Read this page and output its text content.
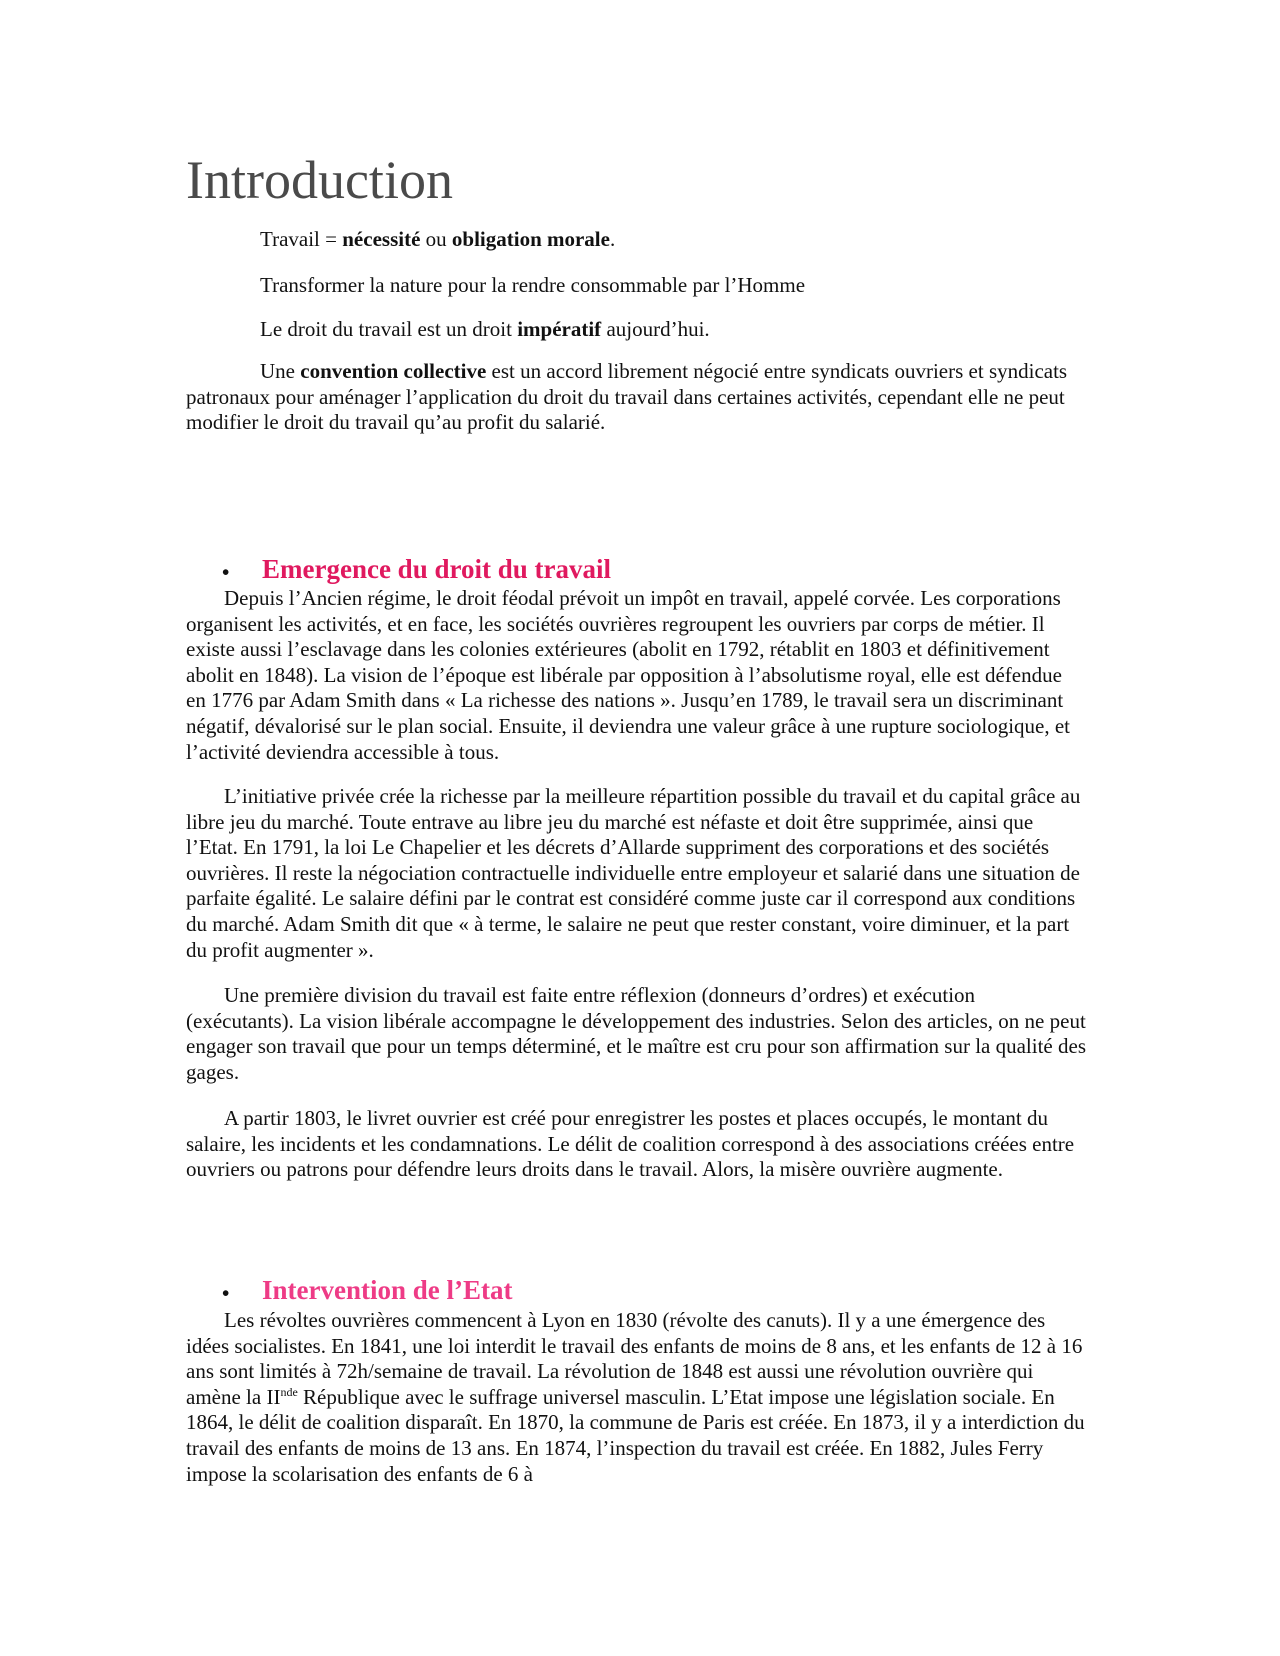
Introduction

Travail = nécessité ou obligation morale.

Transformer la nature pour la rendre consommable par l’Homme

Le droit du travail est un droit impératif aujourd’hui.

Une convention collective est un accord librement négocié entre syndicats ouvriers et syndicats patronaux pour aménager l’application du droit du travail dans certaines activités, cependant elle ne peut modifier le droit du travail qu’au profit du salarié.

• Emergence du droit du travail

Depuis l’Ancien régime, le droit féodal prévoit un impôt en travail, appelé corvée. Les corporations organisent les activités, et en face, les sociétés ouvrières regroupent les ouvriers par corps de métier. Il existe aussi l’esclavage dans les colonies extérieures (abolit en 1792, rétablit en 1803 et définitivement abolit en 1848). La vision de l’époque est libérale par opposition à l’absolutisme royal, elle est défendue en 1776 par Adam Smith dans « La richesse des nations ». Jusqu’en 1789, le travail sera un discriminant négatif, dévalorisé sur le plan social. Ensuite, il deviendra une valeur grâce à une rupture sociologique, et l’activité deviendra accessible à tous.

L’initiative privée crée la richesse par la meilleure répartition possible du travail et du capital grâce au libre jeu du marché. Toute entrave au libre jeu du marché est néfaste et doit être supprimée, ainsi que l’Etat. En 1791, la loi Le Chapelier et les décrets d’Allarde suppriment des corporations et des sociétés ouvrières. Il reste la négociation contractuelle individuelle entre employeur et salarié dans une situation de parfaite égalité. Le salaire défini par le contrat est considéré comme juste car il correspond aux conditions du marché. Adam Smith dit que « à terme, le salaire ne peut que rester constant, voire diminuer, et la part du profit augmenter ».

Une première division du travail est faite entre réflexion (donneurs d’ordres) et exécution (exécutants). La vision libérale accompagne le développement des industries. Selon des articles, on ne peut engager son travail que pour un temps déterminé, et le maître est cru pour son affirmation sur la qualité des gages.

A partir 1803, le livret ouvrier est créé pour enregistrer les postes et places occupés, le montant du salaire, les incidents et les condamnations. Le délit de coalition correspond à des associations créées entre ouvriers ou patrons pour défendre leurs droits dans le travail. Alors, la misère ouvrière augmente.

• Intervention de l’Etat

Les révoltes ouvrières commencent à Lyon en 1830 (révolte des canuts). Il y a une émergence des idées socialistes. En 1841, une loi interdit le travail des enfants de moins de 8 ans, et les enfants de 12 à 16 ans sont limités à 72h/semaine de travail. La révolution de 1848 est aussi une révolution ouvrière qui amène la IInde République avec le suffrage universel masculin. L’Etat impose une législation sociale. En 1864, le délit de coalition disparaît. En 1870, la commune de Paris est créée. En 1873, il y a interdiction du travail des enfants de moins de 13 ans. En 1874, l’inspection du travail est créée. En 1882, Jules Ferry impose la scolarisation des enfants de 6 à
